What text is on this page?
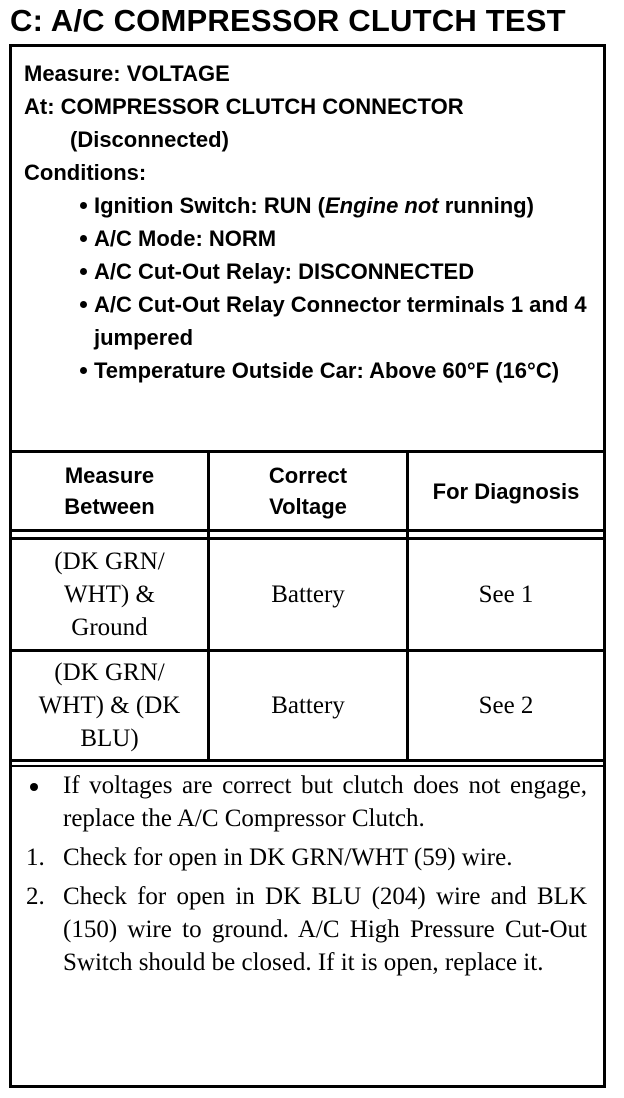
C: A/C COMPRESSOR CLUTCH TEST
Measure: VOLTAGE
At: COMPRESSOR CLUTCH CONNECTOR
(Disconnected)
Conditions:
Ignition Switch: RUN (Engine not running)
A/C Mode: NORM
A/C Cut-Out Relay: DISCONNECTED
A/C Cut-Out Relay Connector terminals 1 and 4 jumpered
Temperature Outside Car: Above 60°F (16°C)
Measure Between
Correct Voltage
For Diagnosis
(DK GRN/ WHT) & Ground
Battery	See 1
(DK GRN/ WHT) & (DK BLU)
Battery	See 2
If voltages are correct but clutch does not engage, replace the A/C Compressor Clutch.
1. Check for open in DK GRN/WHT (59) wire.
2. Check for open in DK BLU (204) wire and BLK (150) wire to ground. A/C High Pressure Cut-Out Switch should be closed. If it is open, replace it.
